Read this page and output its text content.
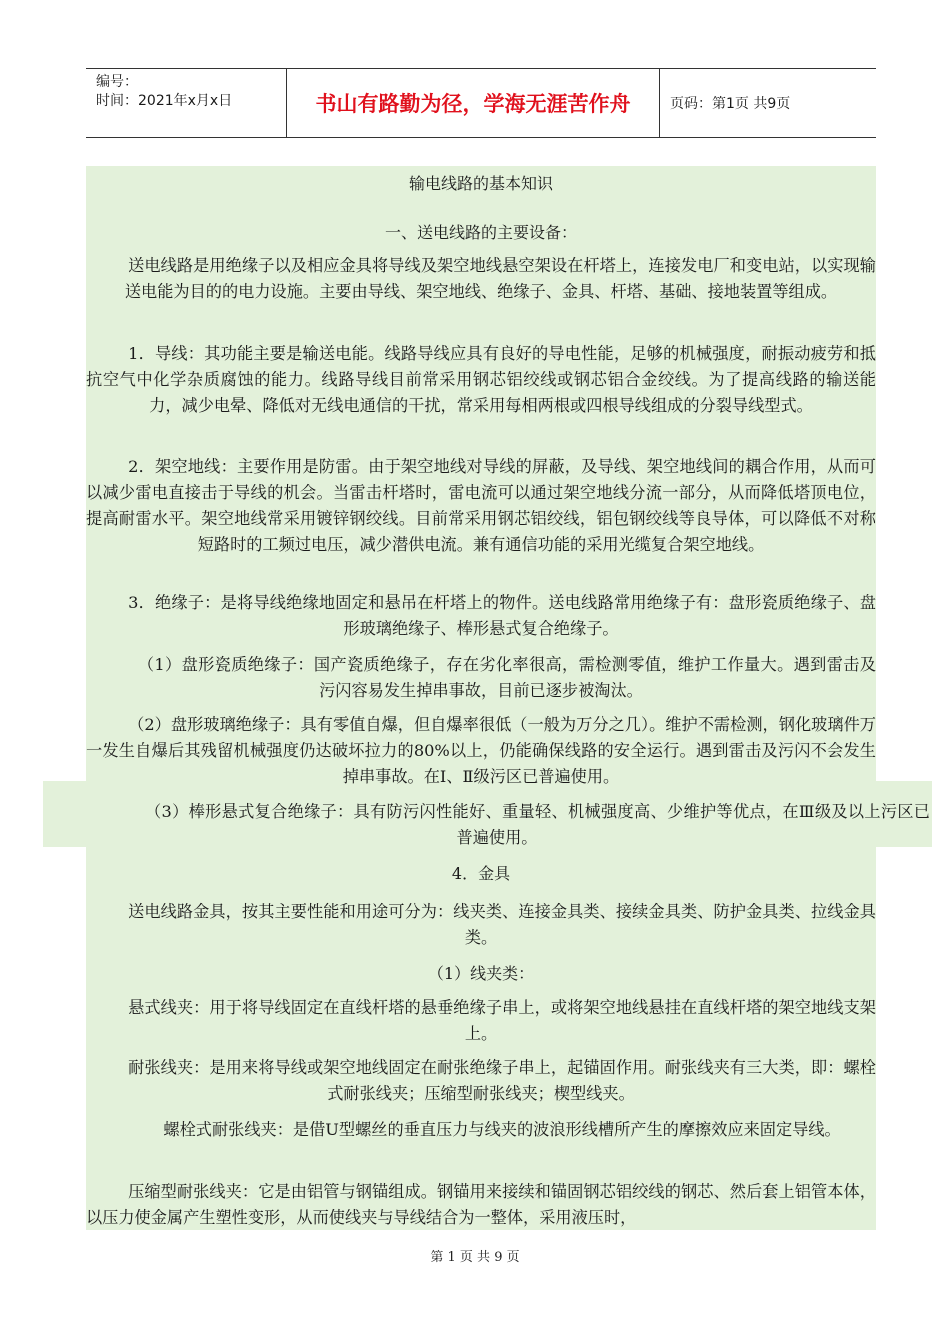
编号：
时间：2021年x月x日	书山有路勤为径，学海无涯苦作舟	页码：第1页 共9页
输电线路的基本知识
一、送电线路的主要设备：

送电线路是用绝缘子以及相应金具将导线及架空地线悬空架设在杆塔上，连接发电厂和变电站，以实现输送电能为目的的电力设施。主要由导线、架空地线、绝缘子、金具、杆塔、基础、接地装置等组成。

1．导线：其功能主要是输送电能。线路导线应具有良好的导电性能，足够的机械强度，耐振动疲劳和抵抗空气中化学杂质腐蚀的能力。线路导线目前常采用钢芯铝绞线或钢芯铝合金绞线。为了提高线路的输送能力，减少电晕、降低对无线电通信的干扰，常采用每相两根或四根导线组成的分裂导线型式。

2．架空地线：主要作用是防雷。由于架空地线对导线的屏蔽，及导线、架空地线间的耦合作用，从而可以减少雷电直接击于导线的机会。当雷击杆塔时，雷电流可以通过架空地线分流一部分，从而降低塔顶电位，提高耐雷水平。架空地线常采用镀锌钢绞线。目前常采用钢芯铝绞线，铝包钢绞线等良导体，可以降低不对称短路时的工频过电压，减少潜供电流。兼有通信功能的采用光缆复合架空地线。

3．绝缘子：是将导线绝缘地固定和悬吊在杆塔上的物件。送电线路常用绝缘子有：盘形瓷质绝缘子、盘形玻璃绝缘子、棒形悬式复合绝缘子。

（1）盘形瓷质绝缘子：国产瓷质绝缘子，存在劣化率很高，需检测零值，维护工作量大。遇到雷击及污闪容易发生掉串事故，目前已逐步被淘汰。

（2）盘形玻璃绝缘子：具有零值自爆，但自爆率很低（一般为万分之几）。维护不需检测，钢化玻璃件万一发生自爆后其残留机械强度仍达破坏拉力的80%以上，仍能确保线路的安全运行。遇到雷击及污闪不会发生掉串事故。在Ⅰ、Ⅱ级污区已普遍使用。

（3）棒形悬式复合绝缘子：具有防污闪性能好、重量轻、机械强度高、少维护等优点，在Ⅲ级及以上污区已普遍使用。

4．金具

送电线路金具，按其主要性能和用途可分为：线夹类、连接金具类、接续金具类、防护金具类、拉线金具类。

（1）线夹类：

悬式线夹：用于将导线固定在直线杆塔的悬垂绝缘子串上，或将架空地线悬挂在直线杆塔的架空地线支架上。

耐张线夹：是用来将导线或架空地线固定在耐张绝缘子串上，起锚固作用。耐张线夹有三大类，即：螺栓式耐张线夹；压缩型耐张线夹；楔型线夹。

螺栓式耐张线夹：是借U型螺丝的垂直压力与线夹的波浪形线槽所产生的摩擦效应来固定导线。

压缩型耐张线夹：它是由铝管与钢锚组成。钢锚用来接续和锚固钢芯铝绞线的钢芯、然后套上铝管本体，以压力使金属产生塑性变形，从而使线夹与导线结合为一整体，采用液压时，

第 1 页 共 9 页
